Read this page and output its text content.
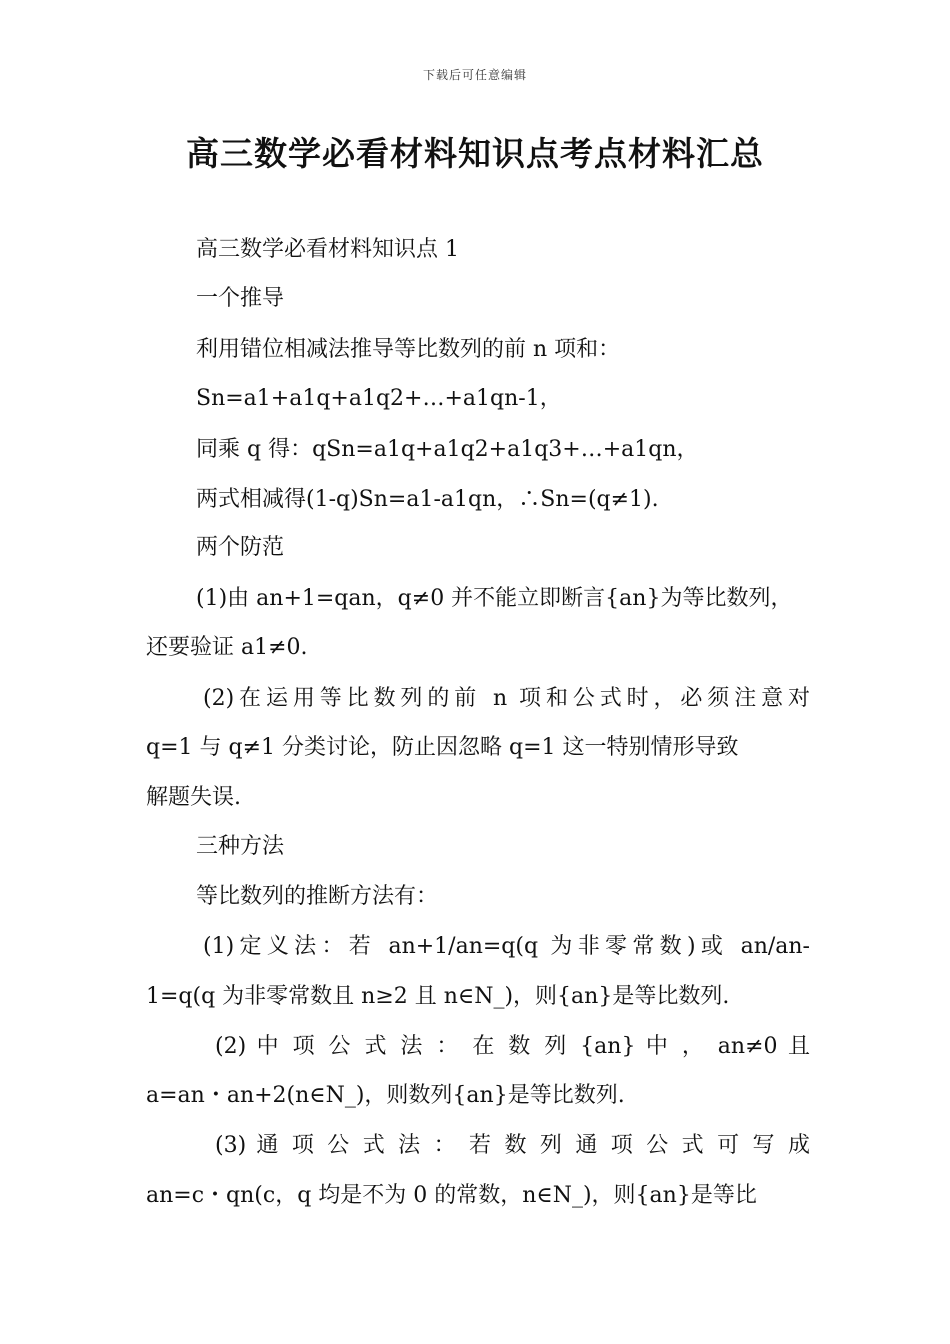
下载后可任意编辑
高三数学必看材料知识点考点材料汇总

高三数学必看材料知识点 1

一个推导

利用错位相减法推导等比数列的前 n 项和：

Sn=a1+a1q+a1q2+…+a1qn-1，

同乘 q 得：qSn=a1q+a1q2+a1q3+…+a1qn，

两式相减得(1-q)Sn=a1-a1qn，∴Sn=(q≠1).

两个防范

(1)由 an+1=qan，q≠0 并不能立即断言{an}为等比数列，

还要验证 a1≠0.

(2)在运用等比数列的前 n 项和公式时，必须注意对

q=1 与 q≠1 分类讨论，防止因忽略 q=1 这一特别情形导致

解题失误.

三种方法

等比数列的推断方法有：

(1)定义法：若 an+1/an=q(q 为非零常数)或 an/an-

1=q(q 为非零常数且 n≥2 且 n∈N_)，则{an}是等比数列.

(2) 中 项 公 式 法 ： 在 数 列 {an} 中 ， an≠0 且

a=an・an+2(n∈N_)，则数列{an}是等比数列.

(3) 通 项 公 式 法 ： 若 数 列 通 项 公 式 可 写 成

an=c・qn(c，q 均是不为 0 的常数，n∈N_)，则{an}是等比
